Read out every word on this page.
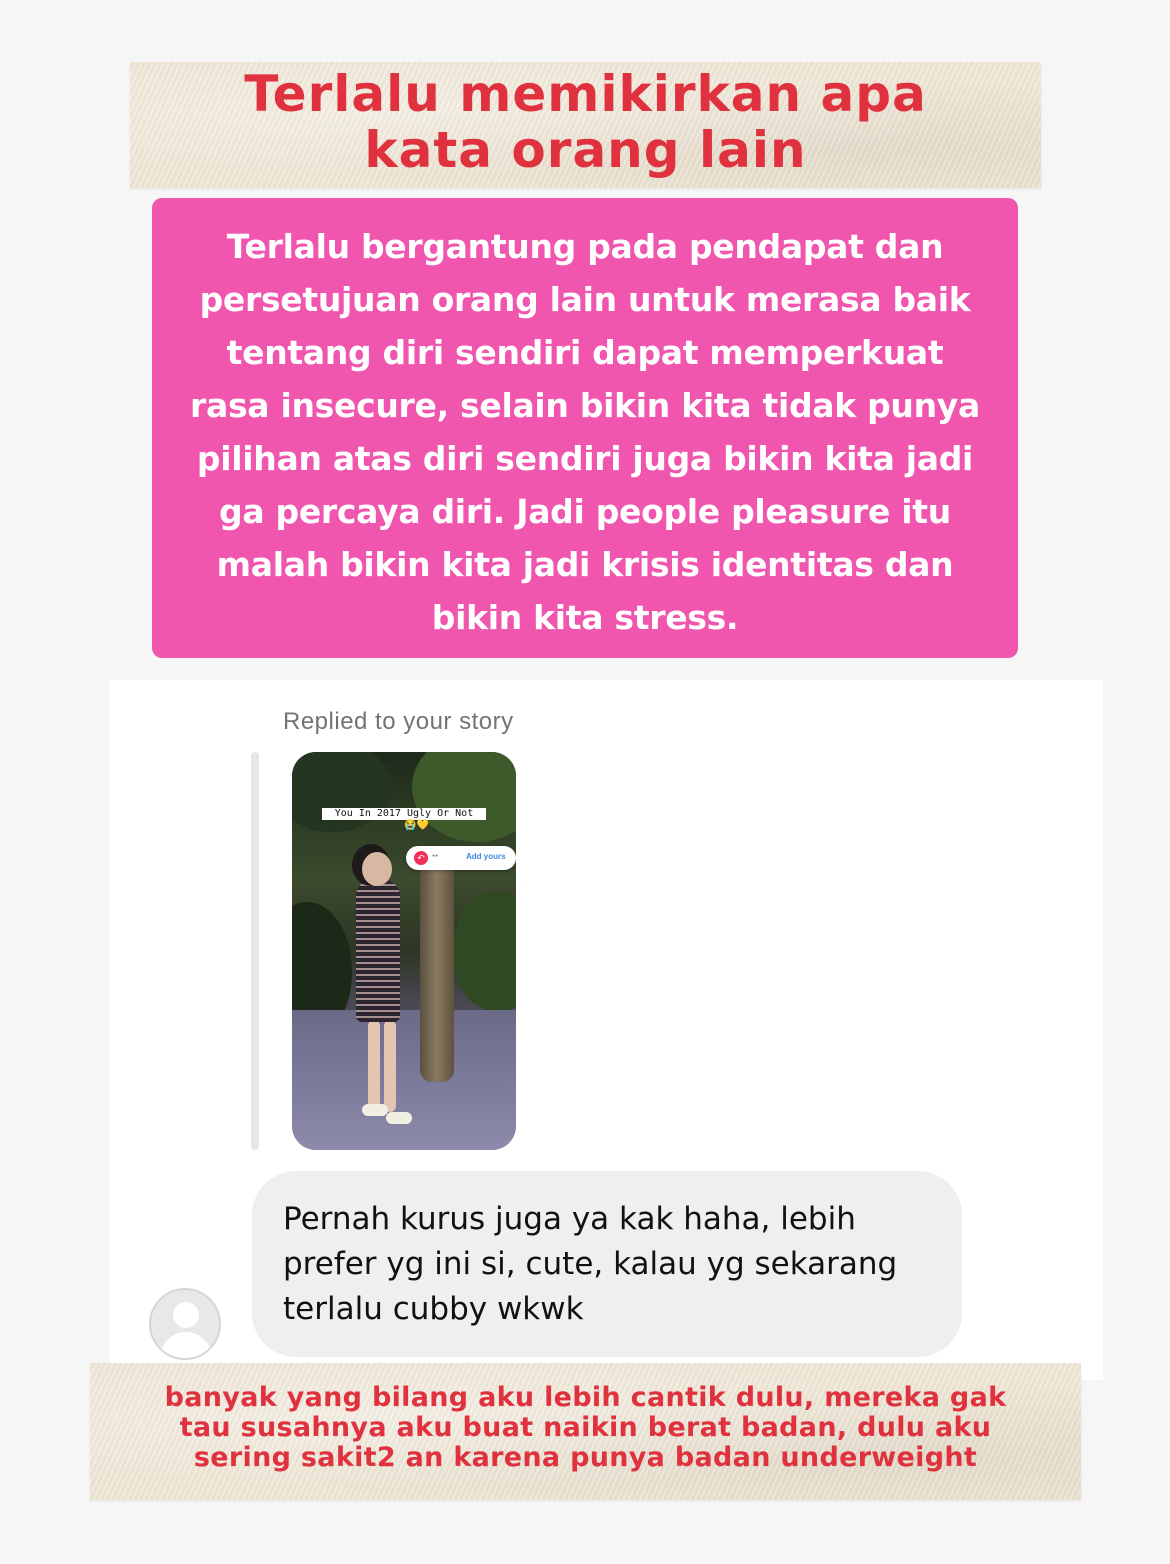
Terlalu memikirkan apa
kata orang lain
Terlalu bergantung pada pendapat dan
persetujuan orang lain untuk merasa baik
tentang diri sendiri dapat memperkuat
rasa insecure, selain bikin kita tidak punya
pilihan atas diri sendiri juga bikin kita jadi
ga percaya diri. Jadi people pleasure itu
malah bikin kita jadi krisis identitas dan
bikin kita stress.
Replied to your story
You In 2017 Ugly Or Not
😭💛
↶	●●	Add yours
Pernah kurus juga ya kak haha, lebih
prefer yg ini si, cute, kalau yg sekarang
terlalu cubby wkwk
banyak yang bilang aku lebih cantik dulu, mereka gak
tau susahnya aku buat naikin berat badan, dulu aku
sering sakit2 an karena punya badan underweight
